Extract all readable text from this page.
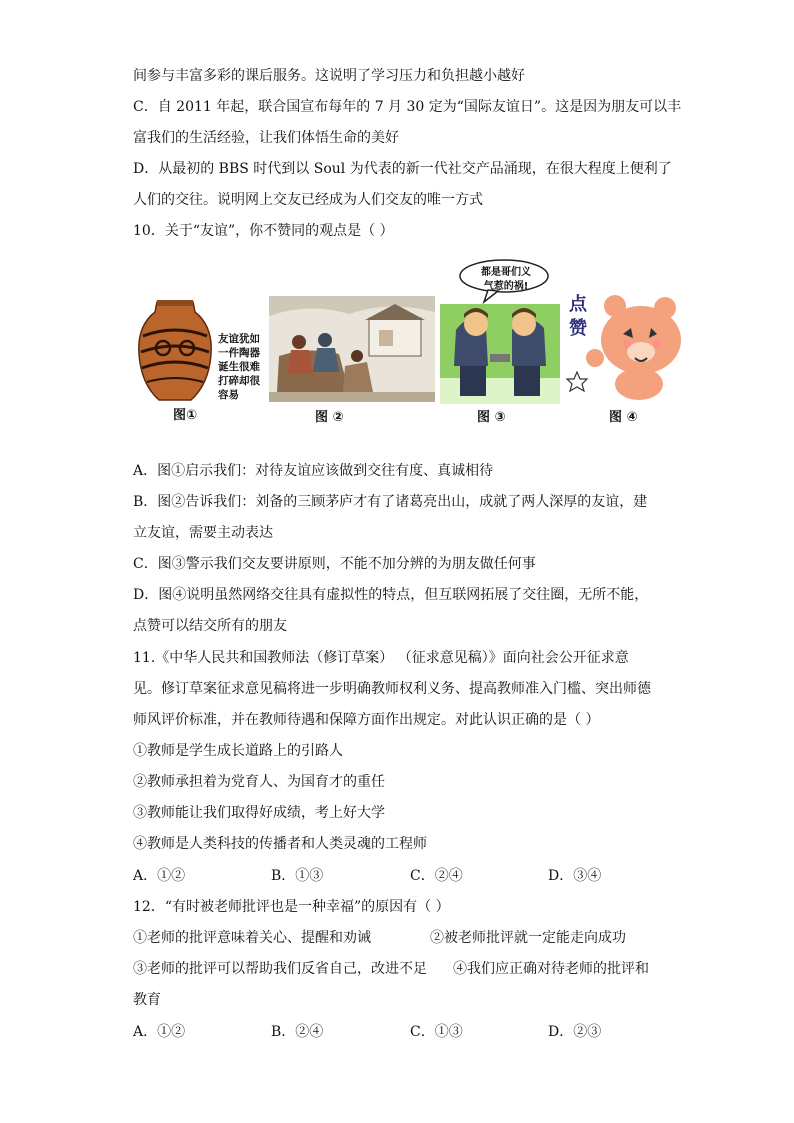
间参与丰富多彩的课后服务。这说明了学习压力和负担越小越好
C．自 2011 年起，联合国宣布每年的 7 月 30 定为“国际友谊日”。这是因为朋友可以丰
富我们的生活经验，让我们体悟生命的美好
D．从最初的 BBS 时代到以 Soul 为代表的新一代社交产品涌现，在很大程度上便利了
人们的交往。说明网上交友已经成为人们交友的唯一方式
10．关于“友谊”，你不赞同的观点是（ ）
友谊犹如
一件陶器
诞生很难
打碎却很
容易
都是哥们义
气惹的祸!
点
赞
图①	图 ②	图 ③	图 ④
A．图①启示我们：对待友谊应该做到交往有度、真诚相待
B．图②告诉我们：刘备的三顾茅庐才有了诸葛亮出山，成就了两人深厚的友谊，建
立友谊，需要主动表达
C．图③警示我们交友要讲原则，不能不加分辨的为朋友做任何事
D．图④说明虽然网络交往具有虚拟性的特点，但互联网拓展了交往圈，无所不能，
点赞可以结交所有的朋友
11.《中华人民共和国教师法（修订草案） （征求意见稿）》面向社会公开征求意
见。修订草案征求意见稿将进一步明确教师权利义务、提高教师准入门槛、突出师德
师风评价标准，并在教师待遇和保障方面作出规定。对此认识正确的是（ ）
①教师是学生成长道路上的引路人
②教师承担着为党育人、为国育才的重任
③教师能让我们取得好成绩，考上好大学
④教师是人类科技的传播者和人类灵魂的工程师
A．①②	B．①③	C．②④	D．③④
12．“有时被老师批评也是一种幸福”的原因有（ ）
①老师的批评意味着关心、提醒和劝诫	②被老师批评就一定能走向成功
③老师的批评可以帮助我们反省自己，改进不足 ④我们应正确对待老师的批评和
教育
A．①②	B．②④	C．①③	D．②③
